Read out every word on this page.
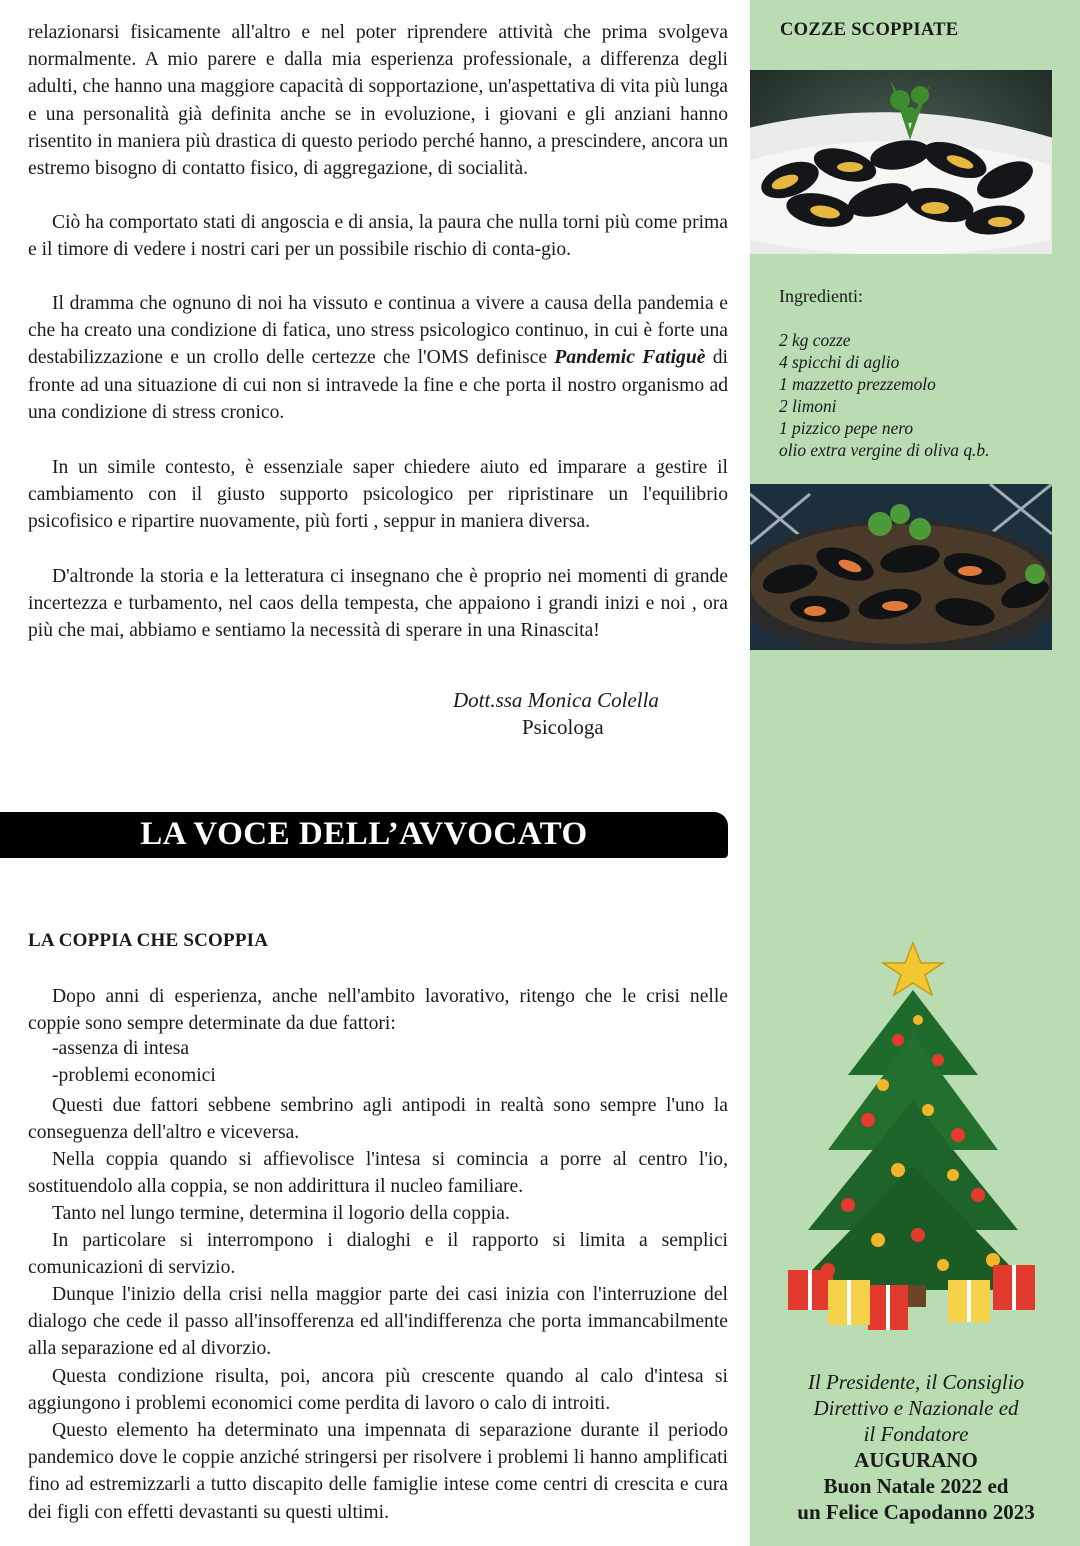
relazionarsi fisicamente all'altro e nel poter riprendere attività che prima svolgeva normalmente. A mio parere e dalla mia esperienza professionale, a differenza degli adulti, che hanno una maggiore capacità di sopportazione, un'aspettativa di vita più lunga e una personalità già definita anche se in evoluzione, i giovani e gli anziani hanno risentito in maniera più drastica di questo periodo perché hanno, a prescindere, ancora un estremo bisogno di contatto fisico, di aggregazione, di socialità.

Ciò ha comportato stati di angoscia e di ansia, la paura che nulla torni più come prima e il timore di vedere i nostri cari per un possibile rischio di conta-gio.

Il dramma che ognuno di noi ha vissuto e continua a vivere a causa della pandemia e che ha creato una condizione di fatica, uno stress psicologico continuo, in cui è forte una destabilizzazione e un crollo delle certezze che l'OMS definisce Pandemic Fatiguè di fronte ad una situazione di cui non si intravede la fine e che porta il nostro organismo ad una condizione di stress cronico.

In un simile contesto, è essenziale saper chiedere aiuto ed imparare a gestire il cambiamento con il giusto supporto psicologico per ripristinare un l'equilibrio psicofisico e ripartire nuovamente, più forti , seppur in maniera diversa.

D'altronde la storia e la letteratura ci insegnano che è proprio nei momenti di grande incertezza e turbamento, nel caos della tempesta, che appaiono i grandi inizi e noi , ora più che mai, abbiamo e sentiamo la necessità di sperare in una Rinascita!

Dott.ssa Monica Colella
Psicologa
LA VOCE DELL’AVVOCATO
LA COPPIA CHE SCOPPIA

Dopo anni di esperienza, anche nell'ambito lavorativo, ritengo che le crisi nelle coppie sono sempre determinate da due fattori:

-assenza di intesa
-problemi economici

Questi due fattori sebbene sembrino agli antipodi in realtà sono sempre l'uno la conseguenza dell'altro e viceversa.

Nella coppia quando si affievolisce l'intesa si comincia a porre al centro l'io, sostituendolo alla coppia, se non addirittura il nucleo familiare.

Tanto nel lungo termine, determina il logorio della coppia.

In particolare si interrompono i dialoghi e il rapporto si limita a semplici comunicazioni di servizio.

Dunque l'inizio della crisi nella maggior parte dei casi inizia con l'interruzione del dialogo che cede il passo all'insofferenza ed all'indifferenza che porta immancabilmente alla separazione ed al divorzio.

Questa condizione risulta, poi, ancora più crescente quando al calo d'intesa si aggiungono i problemi economici come perdita di lavoro o calo di introiti.

Questo elemento ha determinato una impennata di separazione durante il periodo pandemico dove le coppie anziché stringersi per risolvere i problemi li hanno amplificati fino ad estremizzarli a tutto discapito delle famiglie intese come centri di crescita e cura dei figli con effetti devastanti su questi ultimi.

COZZE SCOPPIATE
Ingredienti:
2 kg cozze
4 spicchi di aglio
1 mazzetto prezzemolo
2 limoni
1 pizzico pepe nero
olio extra vergine di oliva q.b.
Il Presidente, il Consiglio
Direttivo e Nazionale ed
il Fondatore
AUGURANO
Buon Natale 2022 ed
un Felice Capodanno 2023
